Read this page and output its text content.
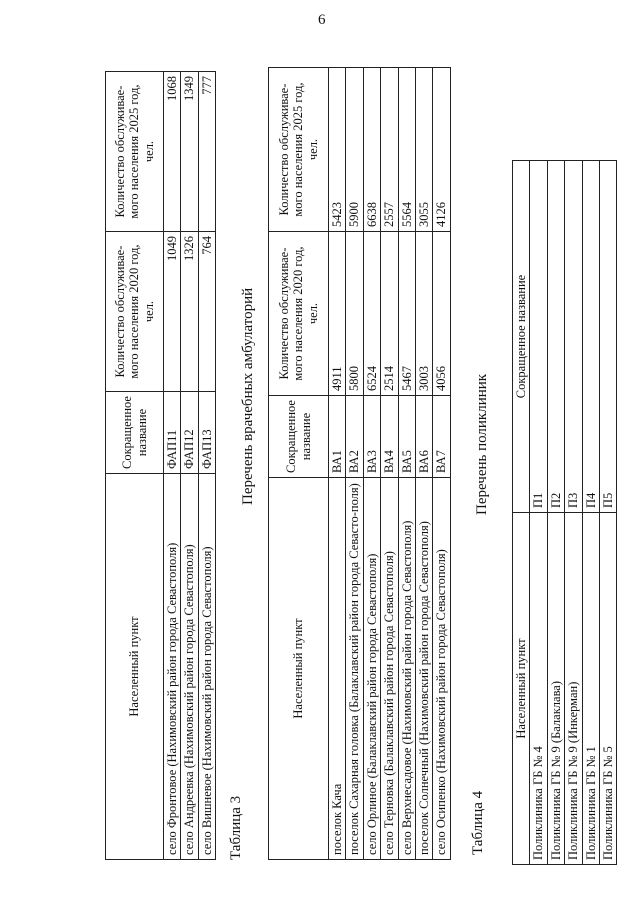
6
Населенный пункт	Сокращенное название	Количество обслуживае-мого населения 2020 год, чел.	Количество обслуживае-мого населения 2025 год, чел.
село Фронтовое (Нахимовский район города Севастополя)	ФАП11	1049	1068
село Андреевка (Нахимовский район города Севастополя)	ФАП12	1326	1349
село Вишневое (Нахимовский район города Севастополя)	ФАП13	764	777
Таблица 3
Перечень врачебных амбулаторий
Населенный пункт	Сокращенное название	Количество обслуживае-мого населения 2020 год, чел.	Количество обслуживае-мого населения 2025 год, чел.
поселок Кача	ВА1	4911	5423
поселок Сахарная головка (Балаклавский район города Севасто-поля)	ВА2	5800	5900
село Орлиное (Балаклавский район города Севастополя)	ВА3	6524	6638
село Терновка (Балаклавский район города Севастополя)	ВА4	2514	2557
село Верхнесадовое (Нахимовский район города Севастополя)	ВА5	5467	5564
поселок Солнечный (Нахимовский район города Севастополя)	ВА6	3003	3055
село Осипенко (Нахимовский район города Севастополя)	ВА7	4056	4126
Таблица 4
Перечень поликлиник
Населенный пункт	Сокращенное название
Поликлиника ГБ № 4	П1
Поликлиника ГБ № 9 (Балаклава)	П2
Поликлиника ГБ № 9 (Инкерман)	П3
Поликлиника ГБ № 1	П4
Поликлиника ГБ № 5	П5
